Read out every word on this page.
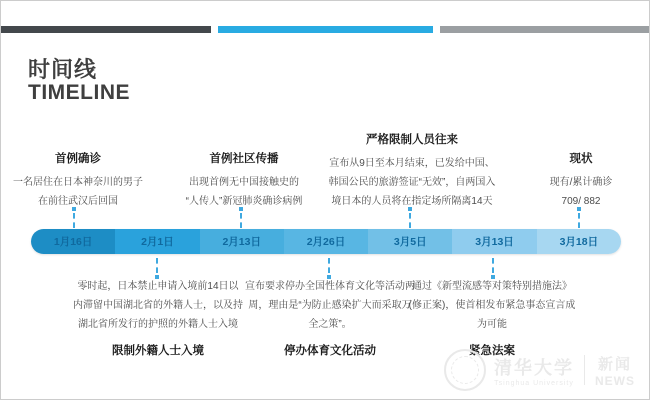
时间线
TIMELINE
首例确诊
一名居住在日本神奈川的男子
在前往武汉后回国
首例社区传播
出现首例无中国接触史的
“人传人”新冠肺炎确诊病例
严格限制人员往来
宣布从9日至本月结束，已发给中国、
韩国公民的旅游签证“无效”，自两国入
境日本的人员将在指定场所隔离14天
现状
现有/累计确诊
709/ 882
1月16日	2月1日	2月13日	2月26日	3月5日	3月13日	3月18日
零时起，日本禁止申请入境前14日以
内滞留中国湖北省的外籍人士，以及持
湖北省所发行的护照的外籍人士入境
限制外籍人士入境
宣布要求停办全国性体育文化等活动两
周，理由是“为防止感染扩大而采取万
全之策”。
停办体育文化活动
通过《新型流感等对策特别措施法》
(修正案)，使首相发布紧急事态宣言成
为可能
紧急法案
清华大学
Tsinghua University
新闻
NEWS
